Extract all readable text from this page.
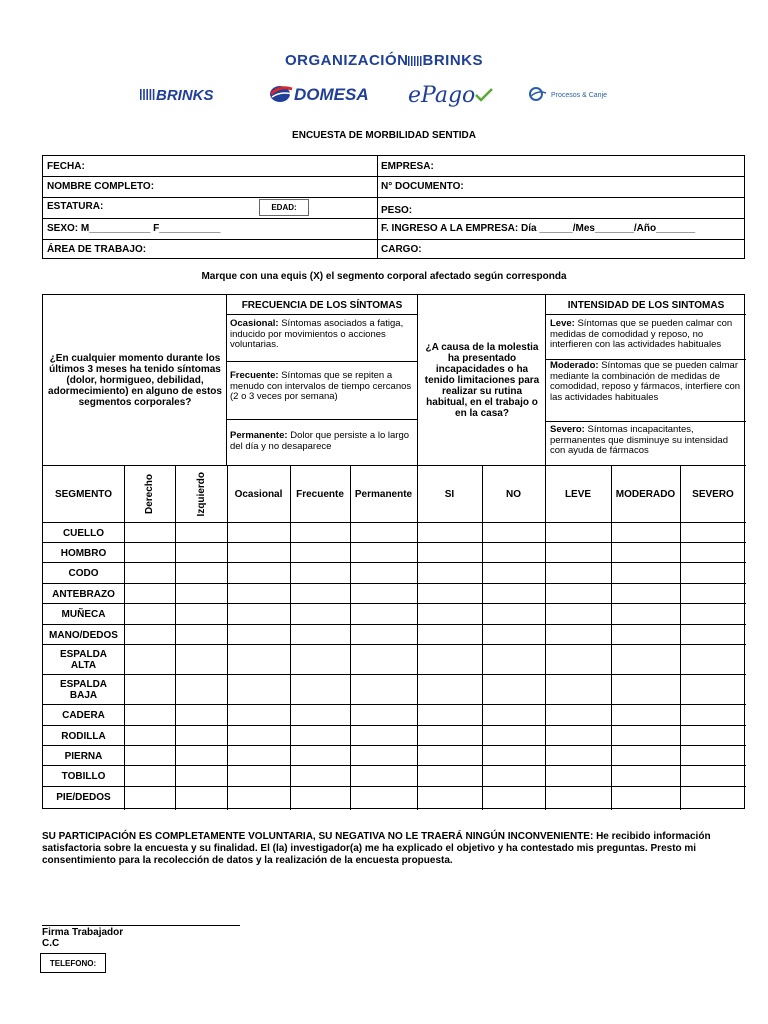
ORGANIZACIÓN BRINKS
BRINKS	DOMESA ePago	Procesos & Canje
ENCUESTA DE MORBILIDAD SENTIDA
FECHA:	EMPRESA:
NOMBRE COMPLETO:	N° DOCUMENTO:
ESTATURA:	PESO:
EDAD:
SEXO: M___________ F___________	F. INGRESO A LA EMPRESA: Día ______/Mes_______/Año_______
ÁREA DE TRABAJO:	CARGO:
Marque con una equis (X) el segmento corporal afectado según corresponda
¿En cualquier momento durante los últimos 3 meses ha tenido síntomas (dolor, hormigueo, debilidad, adormecimiento) en alguno de estos segmentos corporales?
FRECUENCIA DE LOS SÍNTOMAS
Ocasional: Síntomas asociados a fatiga, inducido por movimientos o acciones voluntarias.
Frecuente: Síntomas que se repiten a menudo con intervalos de tiempo cercanos (2 o 3 veces por semana)
Permanente: Dolor que persiste a lo largo del día y no desaparece
¿A causa de la molestia ha presentado incapacidades o ha tenido limitaciones para realizar su rutina habitual, en el trabajo o en la casa?
INTENSIDAD DE LOS SINTOMAS
Leve: Síntomas que se pueden calmar con medidas de comodidad y reposo, no interfieren con las actividades habituales
Moderado: Síntomas que se pueden calmar mediante la combinación de medidas de comodidad, reposo y fármacos, interfiere con las actividades habituales
Severo: Síntomas incapacitantes, permanentes que disminuye su intensidad con ayuda de fármacos
SEGMENTO	Derecho	Izquierdo	Ocasional	Frecuente	Permanente	SI	NO	LEVE	MODERADO	SEVERO
CUELLO
HOMBRO
CODO
ANTEBRAZO
MUÑECA
MANO/DEDOS
ESPALDA ALTA
ESPALDA BAJA
CADERA
RODILLA
PIERNA
TOBILLO
PIE/DEDOS
SU PARTICIPACIÓN ES COMPLETAMENTE VOLUNTARIA, SU NEGATIVA NO LE TRAERÁ NINGÚN INCONVENIENTE: He recibido información satisfactoria sobre la encuesta y su finalidad. El (la) investigador(a) me ha explicado el objetivo y ha contestado mis preguntas. Presto mi consentimiento para la recolección de datos y la realización de la encuesta propuesta.
Firma Trabajador
C.C
TELEFONO:
